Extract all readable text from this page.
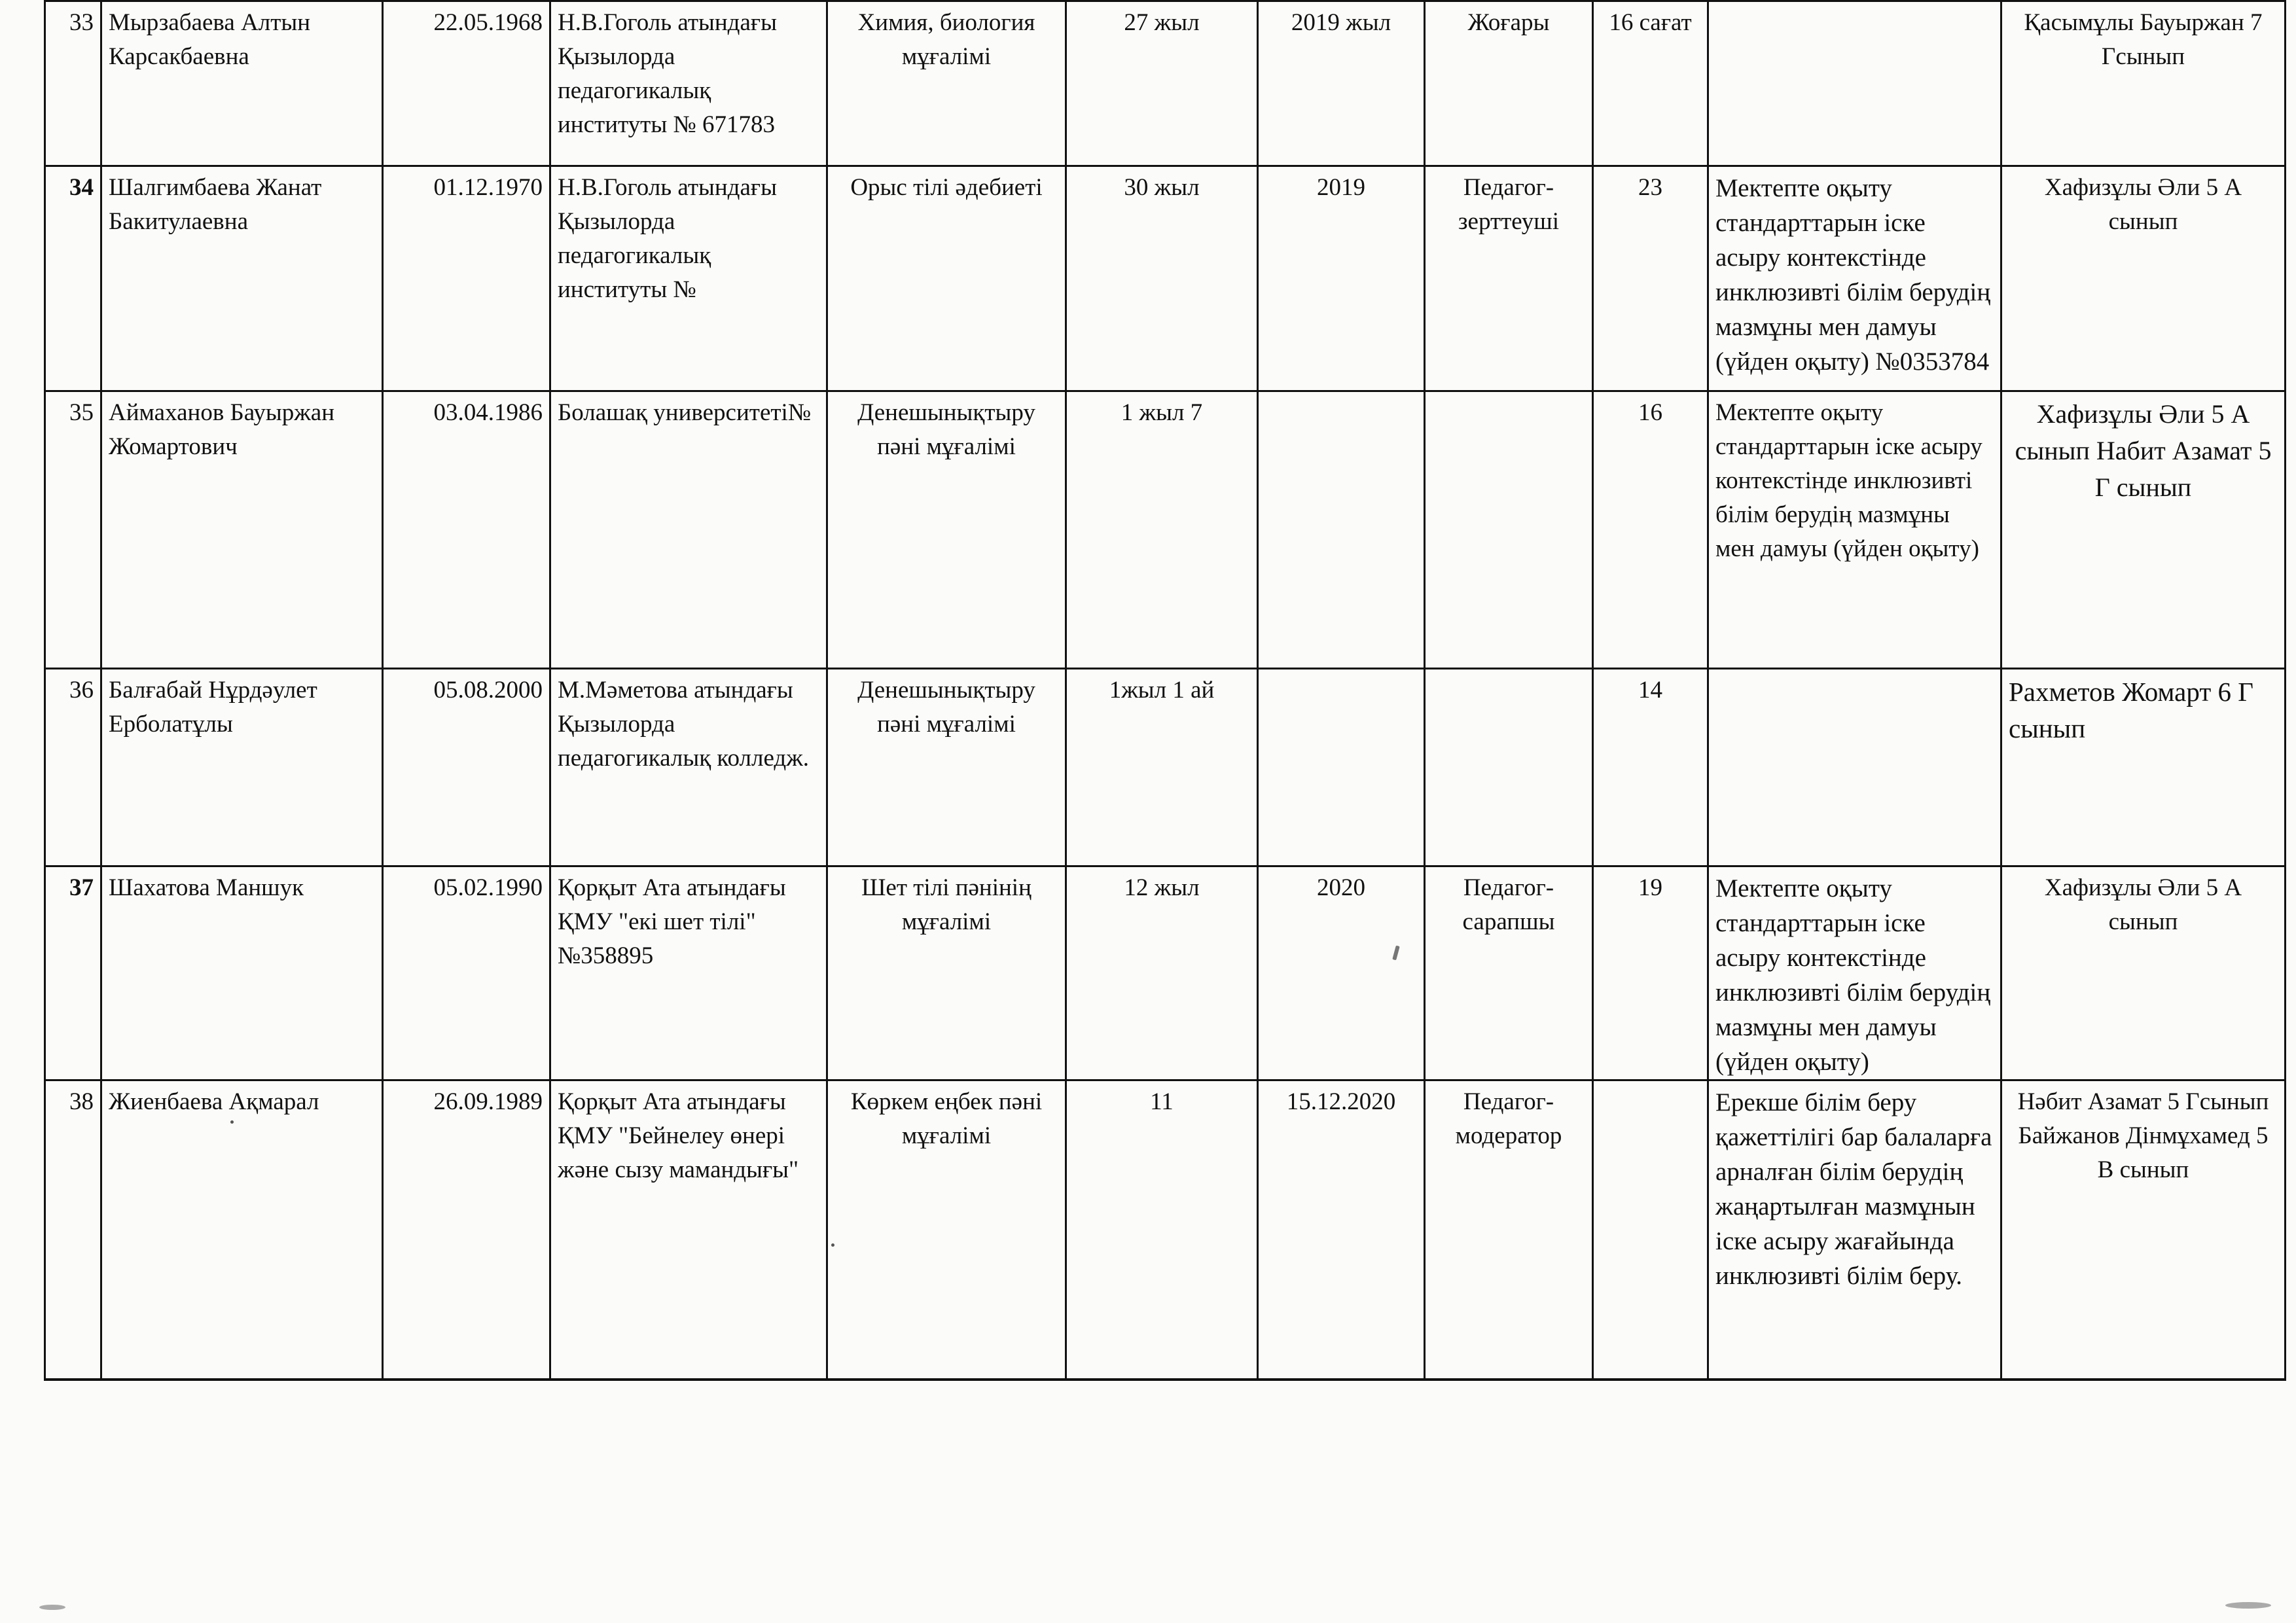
33	Мырзабаева Алтын Карсакбаевна	22.05.1968	Н.В.Гоголь атындағы Қызылорда педагогикалық институты № 671783	Химия, биология мұғалімі	27 жыл	2019 жыл	Жоғары	16 сағат		Қасымұлы Бауыржан 7 Гсынып
34	Шалгимбаева Жанат Бакитулаевна	01.12.1970	Н.В.Гоголь атындағы Қызылорда педагогикалық институты №	Орыс тілі әдебиеті	30 жыл	2019	Педагог-зерттеуші	23	Мектепте оқыту стандарттарын іске асыру контекстінде инклюзивті білім берудің мазмұны мен дамуы (үйден оқыту) №0353784	Хафизұлы Әли 5 А сынып
35	Аймаханов Бауыржан Жомартович	03.04.1986	Болашақ университеті№	Денешынықтыру пәні мұғалімі	1 жыл 7			16	Мектепте оқыту стандарттарын іске асыру контекстінде инклюзивті білім берудің мазмұны мен дамуы (үйден оқыту)	Хафизұлы Әли 5 А сынып Набит Азамат 5 Г сынып
36	Балғабай Нұрдәулет Ерболатұлы	05.08.2000	М.Мәметова атындағы Қызылорда педагогикалық колледж.	Денешынықтыру пәні мұғалімі	1жыл 1 ай			14		Рахметов Жомарт 6 Г сынып
37	Шахатова Маншук	05.02.1990	Қорқыт Ата атындағы ҚМУ "екі шет тілі" №358895	Шет тілі пәнінің мұғалімі	12 жыл	2020	Педагог-сарапшы	19	Мектепте оқыту стандарттарын іске асыру контекстінде инклюзивті білім берудің мазмұны мен дамуы (үйден оқыту)	Хафизұлы Әли 5 А сынып
38	Жиенбаева Ақмарал	26.09.1989	Қорқыт Ата атындағы ҚМУ "Бейнелеу өнері және сызу мамандығы"	Көркем еңбек пәні мұғалімі	11	15.12.2020	Педагог-модератор		Ерекше білім беру қажеттілігі бар балаларға арналған білім берудің жаңартылған мазмұнын іске асыру жағайында инклюзивті білім беру.	Нәбит Азамат 5 Гсынып Байжанов Дінмұхамед 5 В сынып
